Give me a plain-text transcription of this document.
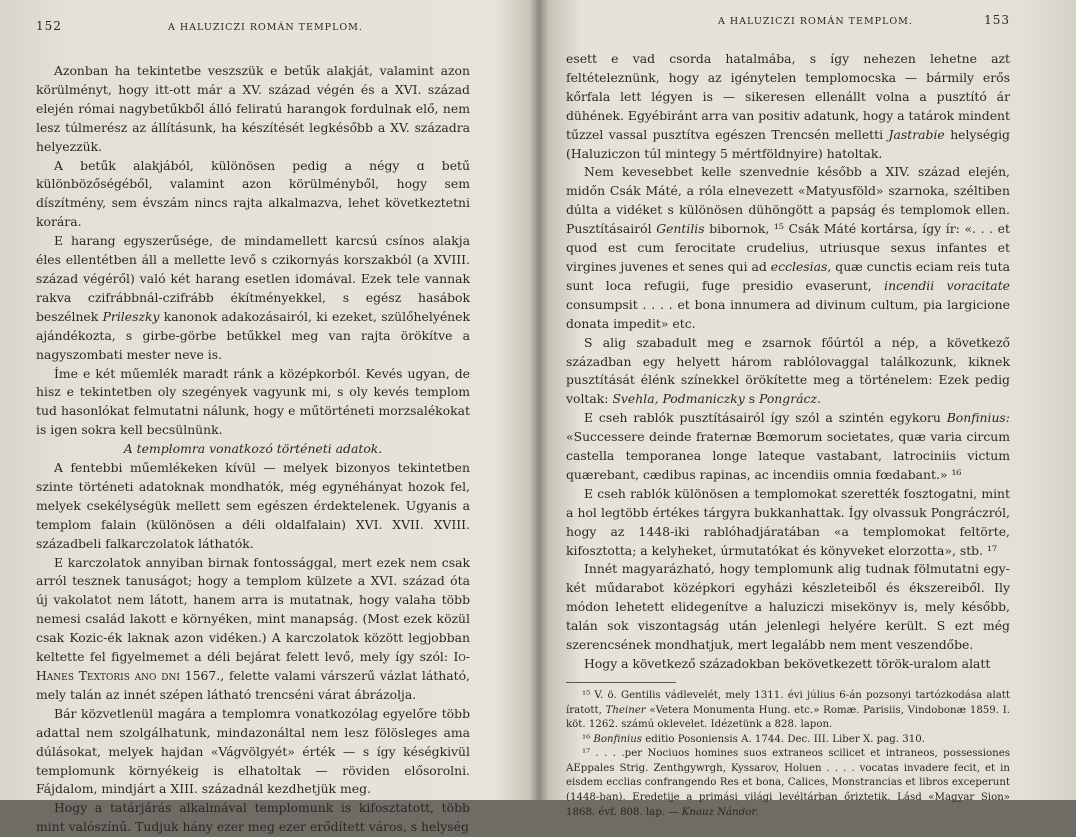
152	A HALUZICZI ROMÁN TEMPLOM.

Azonban ha tekintetbe veszszük e betűk alakját, valamint azon körülményt, hogy itt-ott már a XV. század végén és a XVI. század elején római nagybetűkből álló feliratú harangok fordulnak elő, nem lesz túlmerész az állításunk, ha készítését legkésőbb a XV. századra helyezzük.

A betűk alakjából, különösen pedig a négy ɑ betű különbözőségéből, valamint azon körülményből, hogy sem díszítmény, sem évszám nincs rajta alkalmazva, lehet következtetni korára.

E harang egyszerűsége, de mindamellett karcsú csínos alakja éles ellentétben áll a mellette levő s czikornyás korszakból (a XVIII. század végéről) való két harang esetlen idomával. Ezek tele vannak rakva czifrábbnál-czifrább ékítményekkel, s egész hasábok beszélnek Prileszky kanonok adakozásairól, ki ezeket, szülőhelyének ajándékozta, s girbe-görbe betűkkel meg van rajta örökítve a nagyszombati mester neve is.

Íme e két műemlék maradt ránk a középkorból. Kevés ugyan, de hisz e tekintetben oly szegények vagyunk mi, s oly kevés templom tud hasonlókat felmutatni nálunk, hogy e műtörténeti morzsalékokat is igen sokra kell becsülnünk.

A templomra vonatkozó történeti adatok.

A fentebbi műemlékeken kívül — melyek bizonyos tekintetben szinte történeti adatoknak mondhatók, még egynéhányat hozok fel, melyek csekélységük mellett sem egészen érdektelenek. Ugyanis a templom falain (különösen a déli oldalfalain) XVI. XVII. XVIII. századbeli falkarczolatok láthatók.

E karczolatok annyiban birnak fontossággal, mert ezek nem csak arról tesznek tanuságot; hogy a templom külzete a XVI. század óta új vakolatot nem látott, hanem arra is mutatnak, hogy valaha több nemesi család lakott e környéken, mint manapság. (Most ezek közül csak Kozic-ék laknak azon vidéken.) A karczolatok között legjobban keltette fel figyelmemet a déli bejárat felett levő, mely így szól: Io-Hanes Textoris ano dni 1567., felette valami várszerű vázlat látható, mely talán az innét szépen látható trencséni várat ábrázolja.

Bár közvetlenül magára a templomra vonatkozólag egyelőre több adattal nem szolgálhatunk, mindazonáltal nem lesz fölösleges ama dúlásokat, melyek hajdan «Vágvölgyét» érték — s így késégkivül templomunk környékeig is elhatoltak — röviden elősorolni. Fájdalom, mindjárt a XIII. századnál kezdhetjük meg.

Hogy a tatárjárás alkalmával templomunk is kifosztatott, több mint valószínű. Tudjuk hány ezer meg ezer erődített város, s helység

A HALUZICZI ROMÁN TEMPLOM.	153

esett e vad csorda hatalmába, s így nehezen lehetne azt feltételeznünk, hogy az igénytelen templomocska — bármily erős kőrfala lett légyen is — sikeresen ellenállt volna a pusztító ár dühének. Egyébiránt arra van positiv adatunk, hogy a tatárok mindent tűzzel vassal pusztítva egészen Trencsén melletti Jastrabie helységig (Haluziczon túl mintegy 5 mértföldnyire) hatoltak.

Nem kevesebbet kelle szenvednie később a XIV. század elején, midőn Csák Máté, a róla elnevezett «Matyusföld» szarnoka, széltiben dúlta a vidéket s különösen dühöngött a papság és templomok ellen. Pusztításairól Gentilis bibornok, ¹⁵ Csák Máté kortársa, így ír: «. . . et quod est cum ferocitate crudelius, utriusque sexus infantes et virgines juvenes et senes qui ad ecclesias, quæ cunctis eciam reis tuta sunt loca refugii, fuge presidio evaserunt, incendii voracitate consumpsit . . . . et bona innumera ad divinum cultum, pia largicione donata impedit» etc.

S alig szabadult meg e zsarnok főúrtól a nép, a következő században egy helyett három rablólovaggal találkozunk, kiknek pusztítását élénk színekkel örökítette meg a történelem: Ezek pedig voltak: Svehla, Podmaniczky s Pongrácz.

E cseh rablók pusztításairól így szól a szintén egykoru Bonfinius: «Successere deinde fraternæ Bœmorum societates, quæ varia circum castella temporanea longe lateque vastabant, latrociniis victum quærebant, cædibus rapinas, ac incendiis omnia fœdabant.» ¹⁶

E cseh rablók különösen a templomokat szerették fosztogatni, mint a hol legtöbb értékes tárgyra bukkanhattak. Így olvassuk Pongráczról, hogy az 1448-iki rablóhadjáratában «a templomokat feltörte, kifosztotta; a kelyheket, úrmutatókat és könyveket elorzotta», stb. ¹⁷

Innét magyarázható, hogy templomunk alig tudnak fölmutatni egy-két műdarabot középkori egyházi készleteiből és ékszereiből. Ily módon lehetett elidegenítve a haluziczi misekönyv is, mely később, talán sok viszontagság után jelenlegi helyére került. S ezt még szerencsének mondhatjuk, mert legalább nem ment veszendőbe.

Hogy a következő századokban bekövetkezett török-uralom alatt

¹⁵ V. ö. Gentilis vádlevelét, mely 1311. évi július 6-án pozsonyi tartózkodása alatt íratott, Theiner «Vetera Monumenta Hung. etc.» Romæ. Parisiis, Vindobonæ 1859. I. köt. 1262. számú oklevelet. Idézetünk a 828. lapon.

¹⁶ Bonfinius editio Posoniensis A. 1744. Dec. III. Liber X. pag. 310.

¹⁷ . . . .per Nociuos homines suos extraneos scilicet et intraneos, possessiones AEppales Strig. Zenthgywrgh, Kyssarov, Holuen . . . . vocatas invadere fecit, et in eisdem ecclias confrangendo Res et bona, Calices, Monstrancias et libros exceperunt (1448-ban). Eredetije a primási világi levéltárban őriztetik. Lásd «Magyar Sion» 1868. évf. 808. lap. — Knauz Nándor.
